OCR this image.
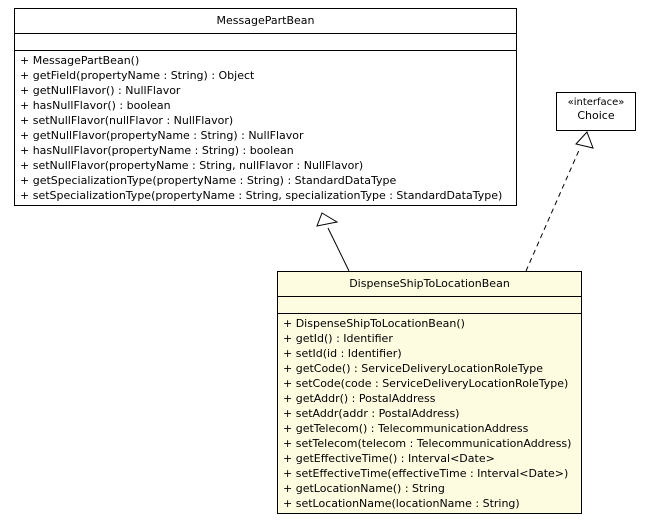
MessagePartBean
+ MessagePartBean()
+ getField(propertyName : String) : Object
+ getNullFlavor() : NullFlavor
+ hasNullFlavor() : boolean
+ setNullFlavor(nullFlavor : NullFlavor)
+ getNullFlavor(propertyName : String) : NullFlavor
+ hasNullFlavor(propertyName : String) : boolean
+ setNullFlavor(propertyName : String, nullFlavor : NullFlavor)
+ getSpecializationType(propertyName : String) : StandardDataType
+ setSpecializationType(propertyName : String, specializationType : StandardDataType)
«interface»
Choice
DispenseShipToLocationBean
+ DispenseShipToLocationBean()
+ getId() : Identifier
+ setId(id : Identifier)
+ getCode() : ServiceDeliveryLocationRoleType
+ setCode(code : ServiceDeliveryLocationRoleType)
+ getAddr() : PostalAddress
+ setAddr(addr : PostalAddress)
+ getTelecom() : TelecommunicationAddress
+ setTelecom(telecom : TelecommunicationAddress)
+ getEffectiveTime() : Interval<Date>
+ setEffectiveTime(effectiveTime : Interval<Date>)
+ getLocationName() : String
+ setLocationName(locationName : String)
